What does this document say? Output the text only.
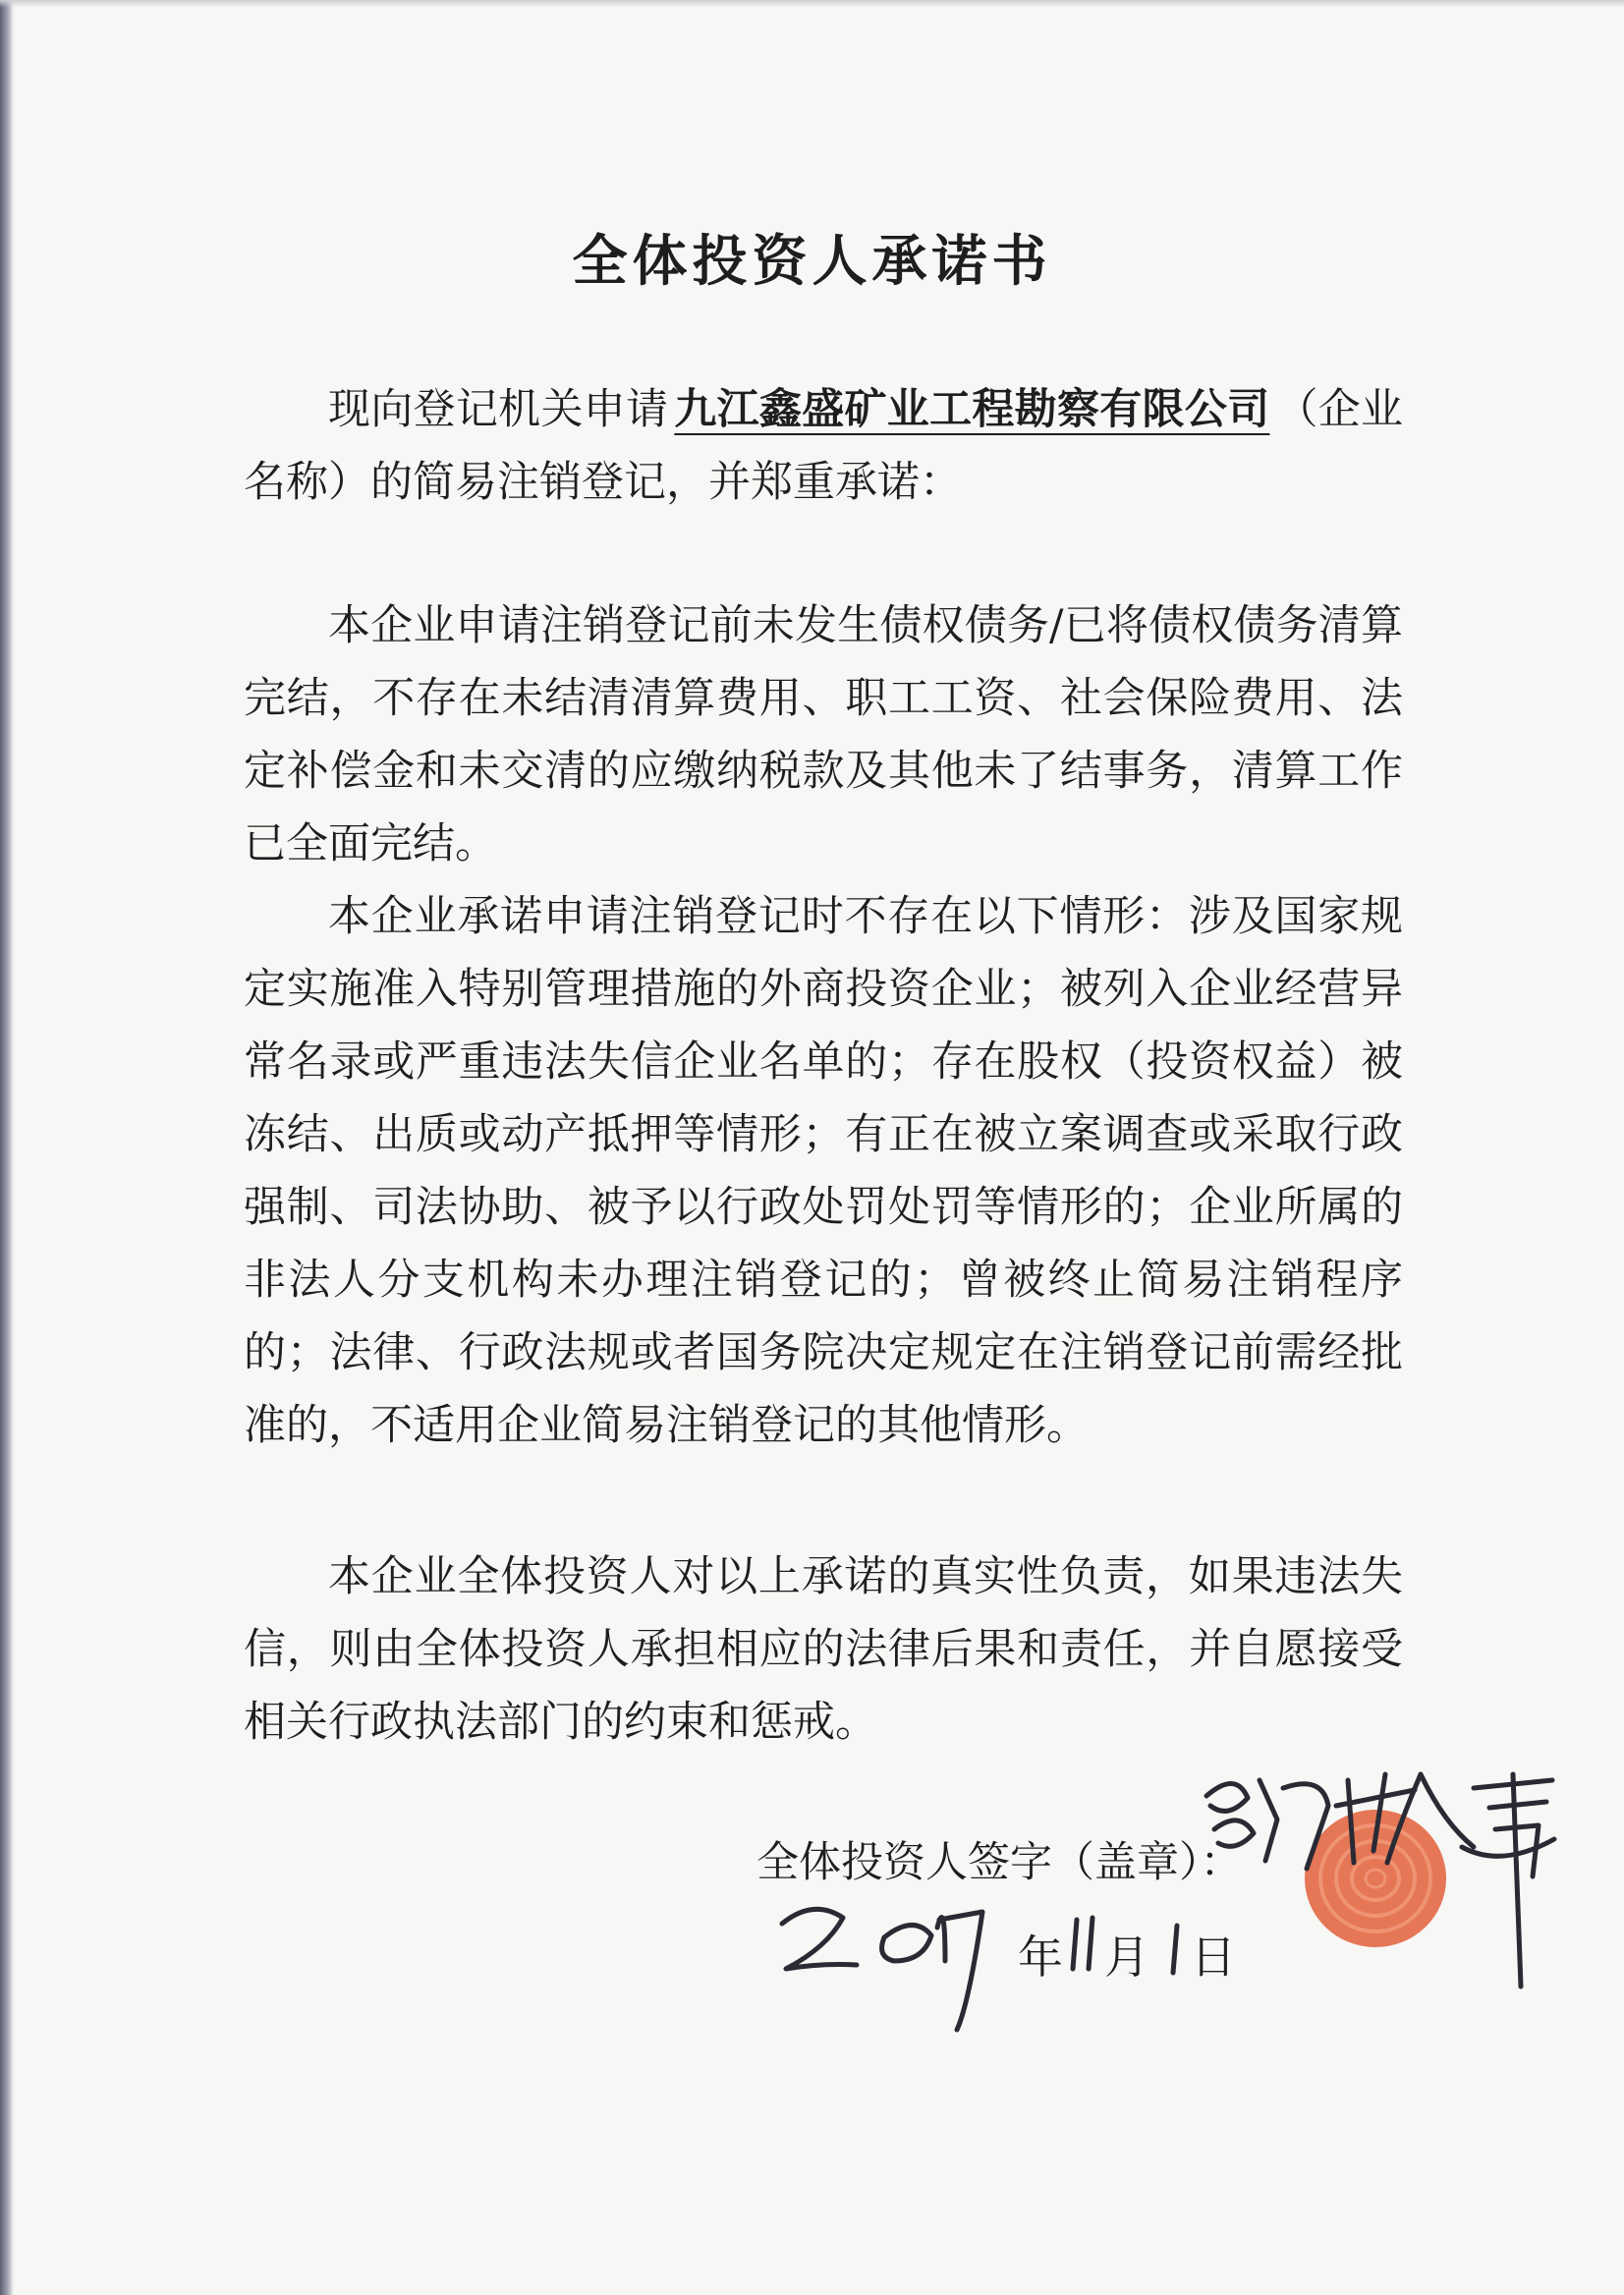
全体投资人承诺书
现向登记机关申请 九江鑫盛矿业工程勘察有限公司 （企业名称）的简易注销登记，并郑重承诺：
本企业申请注销登记前未发生债权债务/已将债权债务清算完结，不存在未结清清算费用、职工工资、社会保险费用、法定补偿金和未交清的应缴纳税款及其他未了结事务，清算工作已全面完结。
本企业承诺申请注销登记时不存在以下情形：涉及国家规定实施准入特别管理措施的外商投资企业；被列入企业经营异常名录或严重违法失信企业名单的；存在股权（投资权益）被冻结、出质或动产抵押等情形；有正在被立案调查或采取行政强制、司法协助、被予以行政处罚处罚等情形的；企业所属的非法人分支机构未办理注销登记的；曾被终止简易注销程序的；法律、行政法规或者国务院决定规定在注销登记前需经批准的，不适用企业简易注销登记的其他情形。
本企业全体投资人对以上承诺的真实性负责，如果违法失信，则由全体投资人承担相应的法律后果和责任，并自愿接受相关行政执法部门的约束和惩戒。
全体投资人签字（盖章）：
年 月 日
